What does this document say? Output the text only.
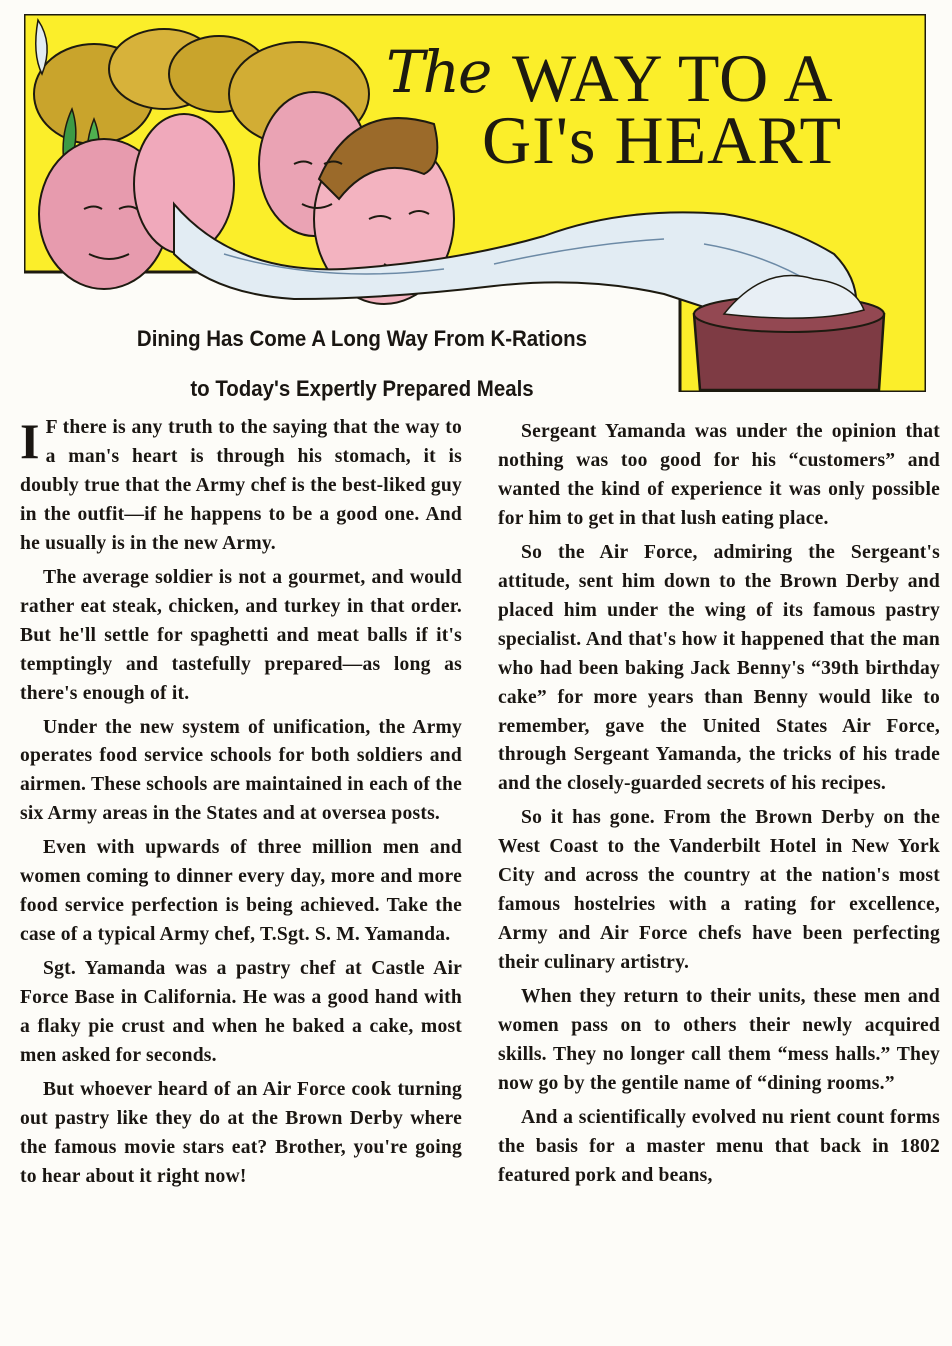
The WAY TO A
GI's HEART
Dining Has Come A Long Way From K-Rations
to Today's Expertly Prepared Meals

I F there is any truth to the saying that the way to a man's heart is through his stomach, it is doubly true that the Army chef is the best-liked guy in the outfit—if he happens to be a good one. And he usually is in the new Army.

The average soldier is not a gourmet, and would rather eat steak, chicken, and turkey in that order. But he'll settle for spaghetti and meat balls if it's temptingly and tastefully prepared—as long as there's enough of it.

Under the new system of unification, the Army operates food service schools for both soldiers and airmen. These schools are maintained in each of the six Army areas in the States and at oversea posts.

Even with upwards of three million men and women coming to dinner every day, more and more food service perfection is being achieved. Take the case of a typical Army chef, T.Sgt. S. M. Yamanda.

Sgt. Yamanda was a pastry chef at Castle Air Force Base in California. He was a good hand with a flaky pie crust and when he baked a cake, most men asked for seconds.

But whoever heard of an Air Force cook turning out pastry like they do at the Brown Derby where the famous movie stars eat? Brother, you're going to hear about it right now!

Sergeant Yamanda was under the opinion that nothing was too good for his “customers” and wanted the kind of experience it was only possible for him to get in that lush eating place.

So the Air Force, admiring the Sergeant's attitude, sent him down to the Brown Derby and placed him under the wing of its famous pastry specialist. And that's how it happened that the man who had been baking Jack Benny's “39th birthday cake” for more years than Benny would like to remember, gave the United States Air Force, through Sergeant Yamanda, the tricks of his trade and the closely-guarded secrets of his recipes.

So it has gone. From the Brown Derby on the West Coast to the Vanderbilt Hotel in New York City and across the country at the nation's most famous hostelries with a rating for excellence, Army and Air Force chefs have been perfecting their culinary artistry.

When they return to their units, these men and women pass on to others their newly acquired skills. They no longer call them “mess halls.” They now go by the gentile name of “dining rooms.”

And a scientifically evolved nu rient count forms the basis for a master menu that back in 1802 featured pork and beans,
